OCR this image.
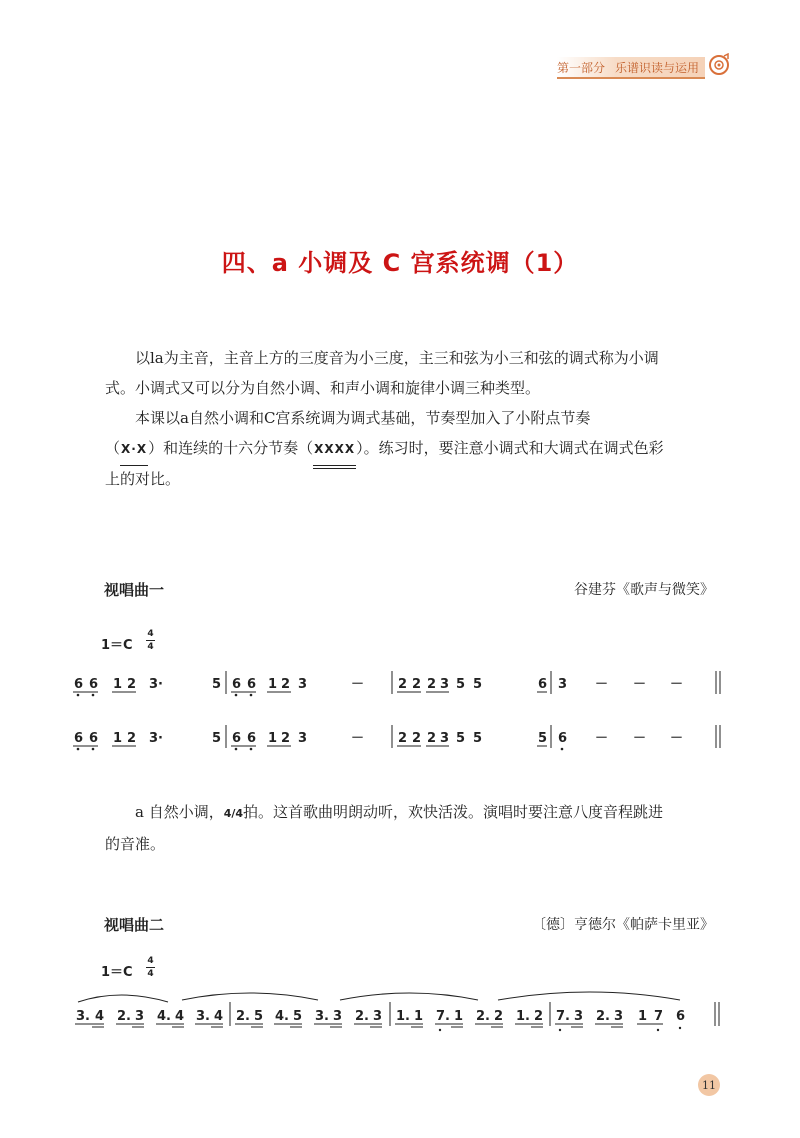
第一部分 乐谱识读与运用
四、a 小调及 C 宫系统调（1）

以la为主音，主音上方的三度音为小三度，主三和弦为小三和弦的调式称为小调式。小调式又可以分为自然小调、和声小调和旋律小调三种类型。

本课以a自然小调和C宫系统调为调式基础，节奏型加入了小附点节奏

（X·X）和连续的十六分节奏（XXXX）。练习时，要注意小调式和大调式在调式色彩上的对比。

视唱曲一	谷建芬《歌声与微笑》
1＝C
4
4
6 6 1 2 3·	5 6 6 1 2 3	－	2 2 2 3 5 5	6 3 － － －
6 6 1 2 3·	5 6 6 1 2 3	－	2 2 2 3 5 5	5 6 － － －

a 自然小调，4/4拍。这首歌曲明朗动听，欢快活泼。演唱时要注意八度音程跳进的音准。

视唱曲二	〔德〕亨德尔《帕萨卡里亚》
1＝C
4
4
3. 4 2. 3 4. 4 3. 4 2. 5 4. 5 3. 3 2. 3 1. 1 7. 1 2. 2 1. 2 7. 3 2. 3 1 7 6
11
